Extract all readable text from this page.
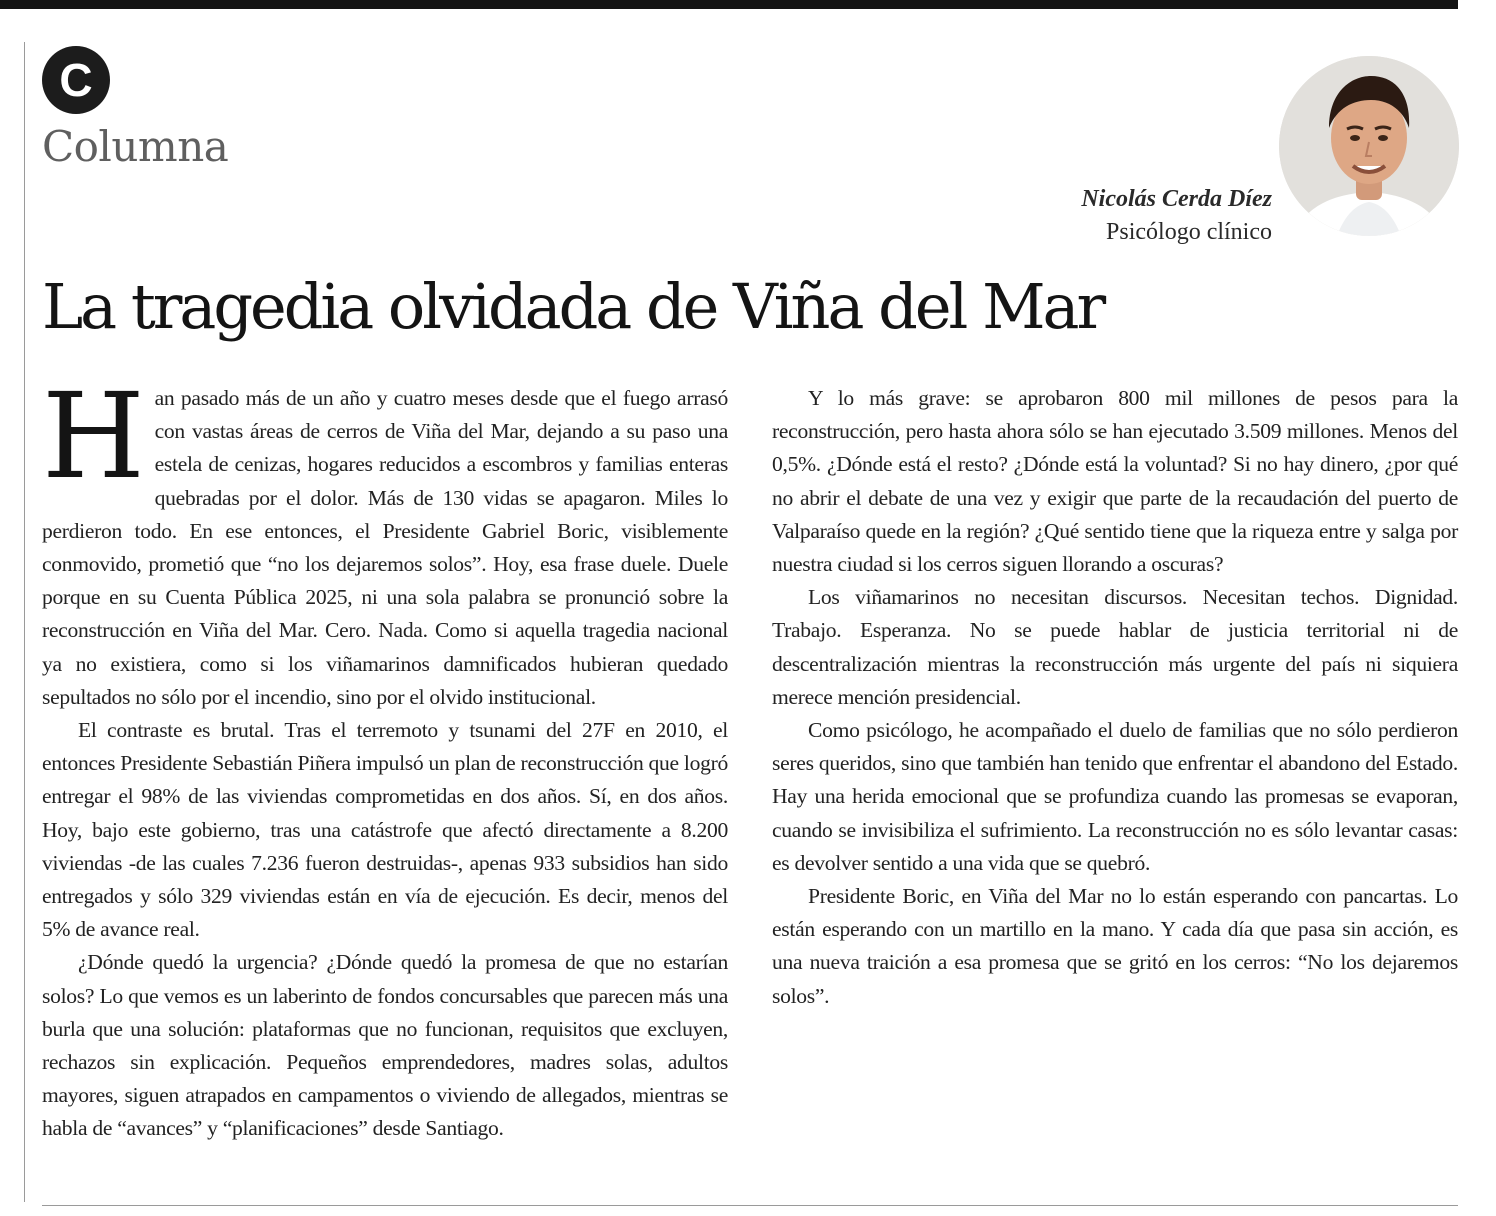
C
Columna
Nicolás Cerda Díez
Psicólogo clínico
La tragedia olvidada de Viña del Mar

Han pasado más de un año y cuatro meses desde que el fuego arrasó con vastas áreas de cerros de Viña del Mar, dejando a su paso una estela de cenizas, hogares reducidos a escombros y familias enteras quebradas por el dolor. Más de 130 vidas se apagaron. Miles lo perdieron todo. En ese entonces, el Presidente Gabriel Boric, visiblemente conmovido, prometió que “no los dejaremos solos”. Hoy, esa frase duele. Duele porque en su Cuenta Pública 2025, ni una sola palabra se pronunció sobre la reconstrucción en Viña del Mar. Cero. Nada. Como si aquella tragedia nacional ya no existiera, como si los viñamarinos damnificados hubieran quedado sepultados no sólo por el incendio, sino por el olvido institucional.

El contraste es brutal. Tras el terremoto y tsunami del 27F en 2010, el entonces Presidente Sebastián Piñera impulsó un plan de reconstrucción que logró entregar el 98% de las viviendas comprometidas en dos años. Sí, en dos años. Hoy, bajo este gobierno, tras una catástrofe que afectó directamente a 8.200 viviendas -de las cuales 7.236 fueron destruidas-, apenas 933 subsidios han sido entregados y sólo 329 viviendas están en vía de ejecución. Es decir, menos del 5% de avance real.

¿Dónde quedó la urgencia? ¿Dónde quedó la promesa de que no estarían solos? Lo que vemos es un laberinto de fondos concursables que parecen más una burla que una solución: plataformas que no funcionan, requisitos que excluyen, rechazos sin explicación. Pequeños emprendedores, madres solas, adultos mayores, siguen atrapados en campamentos o viviendo de allegados, mientras se habla de “avances” y “planificaciones” desde Santiago.

Y lo más grave: se aprobaron 800 mil millones de pesos para la reconstrucción, pero hasta ahora sólo se han ejecutado 3.509 millones. Menos del 0,5%. ¿Dónde está el resto? ¿Dónde está la voluntad? Si no hay dinero, ¿por qué no abrir el debate de una vez y exigir que parte de la recaudación del puerto de Valparaíso quede en la región? ¿Qué sentido tiene que la riqueza entre y salga por nuestra ciudad si los cerros siguen llorando a oscuras?

Los viñamarinos no necesitan discursos. Necesitan techos. Dignidad. Trabajo. Esperanza. No se puede hablar de justicia territorial ni de descentralización mientras la reconstrucción más urgente del país ni siquiera merece mención presidencial.

Como psicólogo, he acompañado el duelo de familias que no sólo perdieron seres queridos, sino que también han tenido que enfrentar el abandono del Estado. Hay una herida emocional que se profundiza cuando las promesas se evaporan, cuando se invisibiliza el sufrimiento. La reconstrucción no es sólo levantar casas: es devolver sentido a una vida que se quebró.

Presidente Boric, en Viña del Mar no lo están esperando con pancartas. Lo están esperando con un martillo en la mano. Y cada día que pasa sin acción, es una nueva traición a esa promesa que se gritó en los cerros: “No los dejaremos solos”.
